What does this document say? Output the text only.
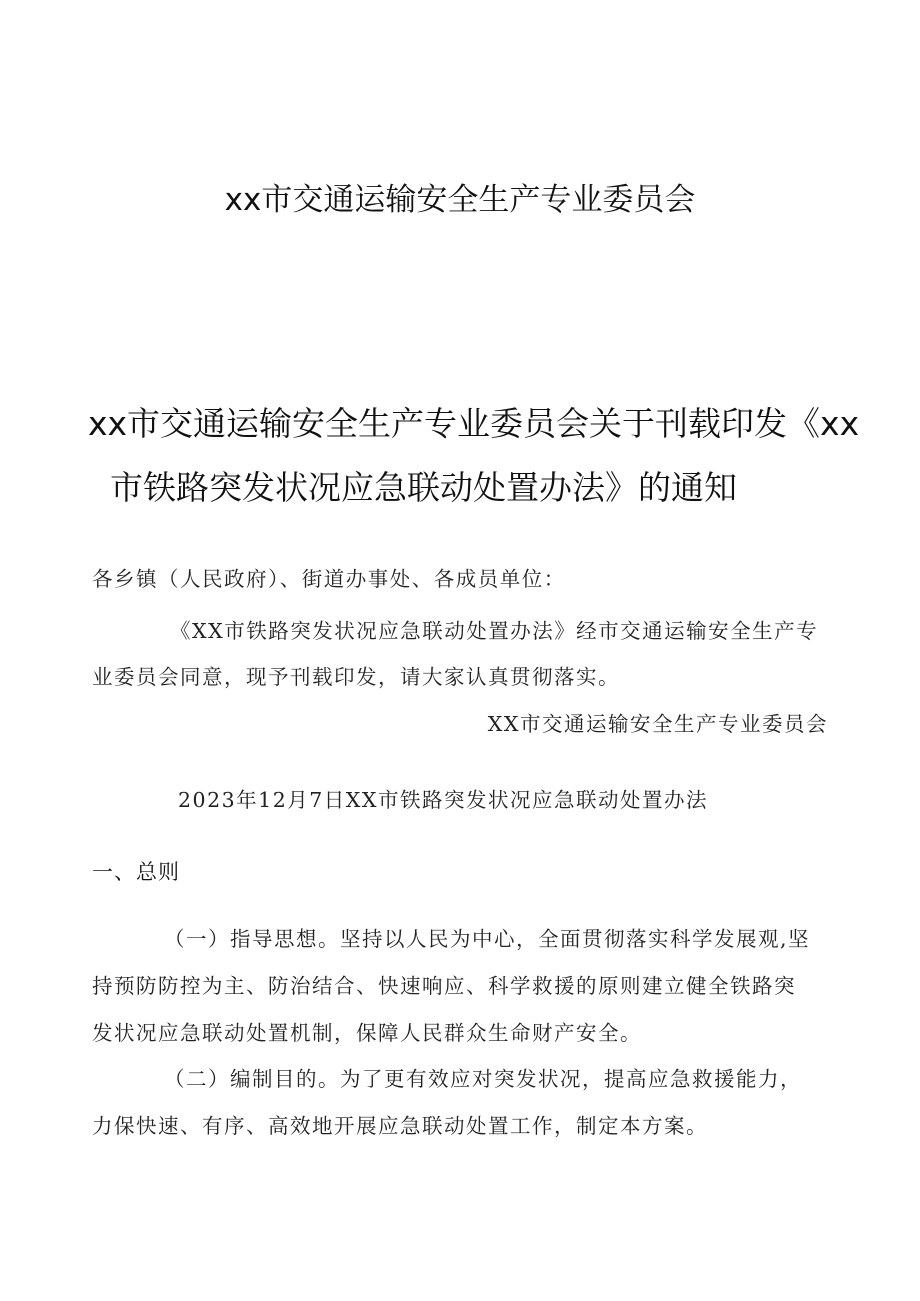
xx市交通运输安全生产专业委员会
xx市交通运输安全生产专业委员会关于刊载印发《xx
市铁路突发状况应急联动处置办法》的通知
各乡镇（人民政府）、街道办事处、各成员单位：
《XX市铁路突发状况应急联动处置办法》经市交通运输安全生产专
业委员会同意，现予刊载印发，请大家认真贯彻落实。
XX市交通运输安全生产专业委员会
2023年12月7日XX市铁路突发状况应急联动处置办法
一、总则
（一）指导思想。坚持以人民为中心，全面贯彻落实科学发展观,坚
持预防防控为主、防治结合、快速响应、科学救援的原则建立健全铁路突
发状况应急联动处置机制，保障人民群众生命财产安全。
（二）编制目的。为了更有效应对突发状况，提高应急救援能力，
力保快速、有序、高效地开展应急联动处置工作，制定本方案。
